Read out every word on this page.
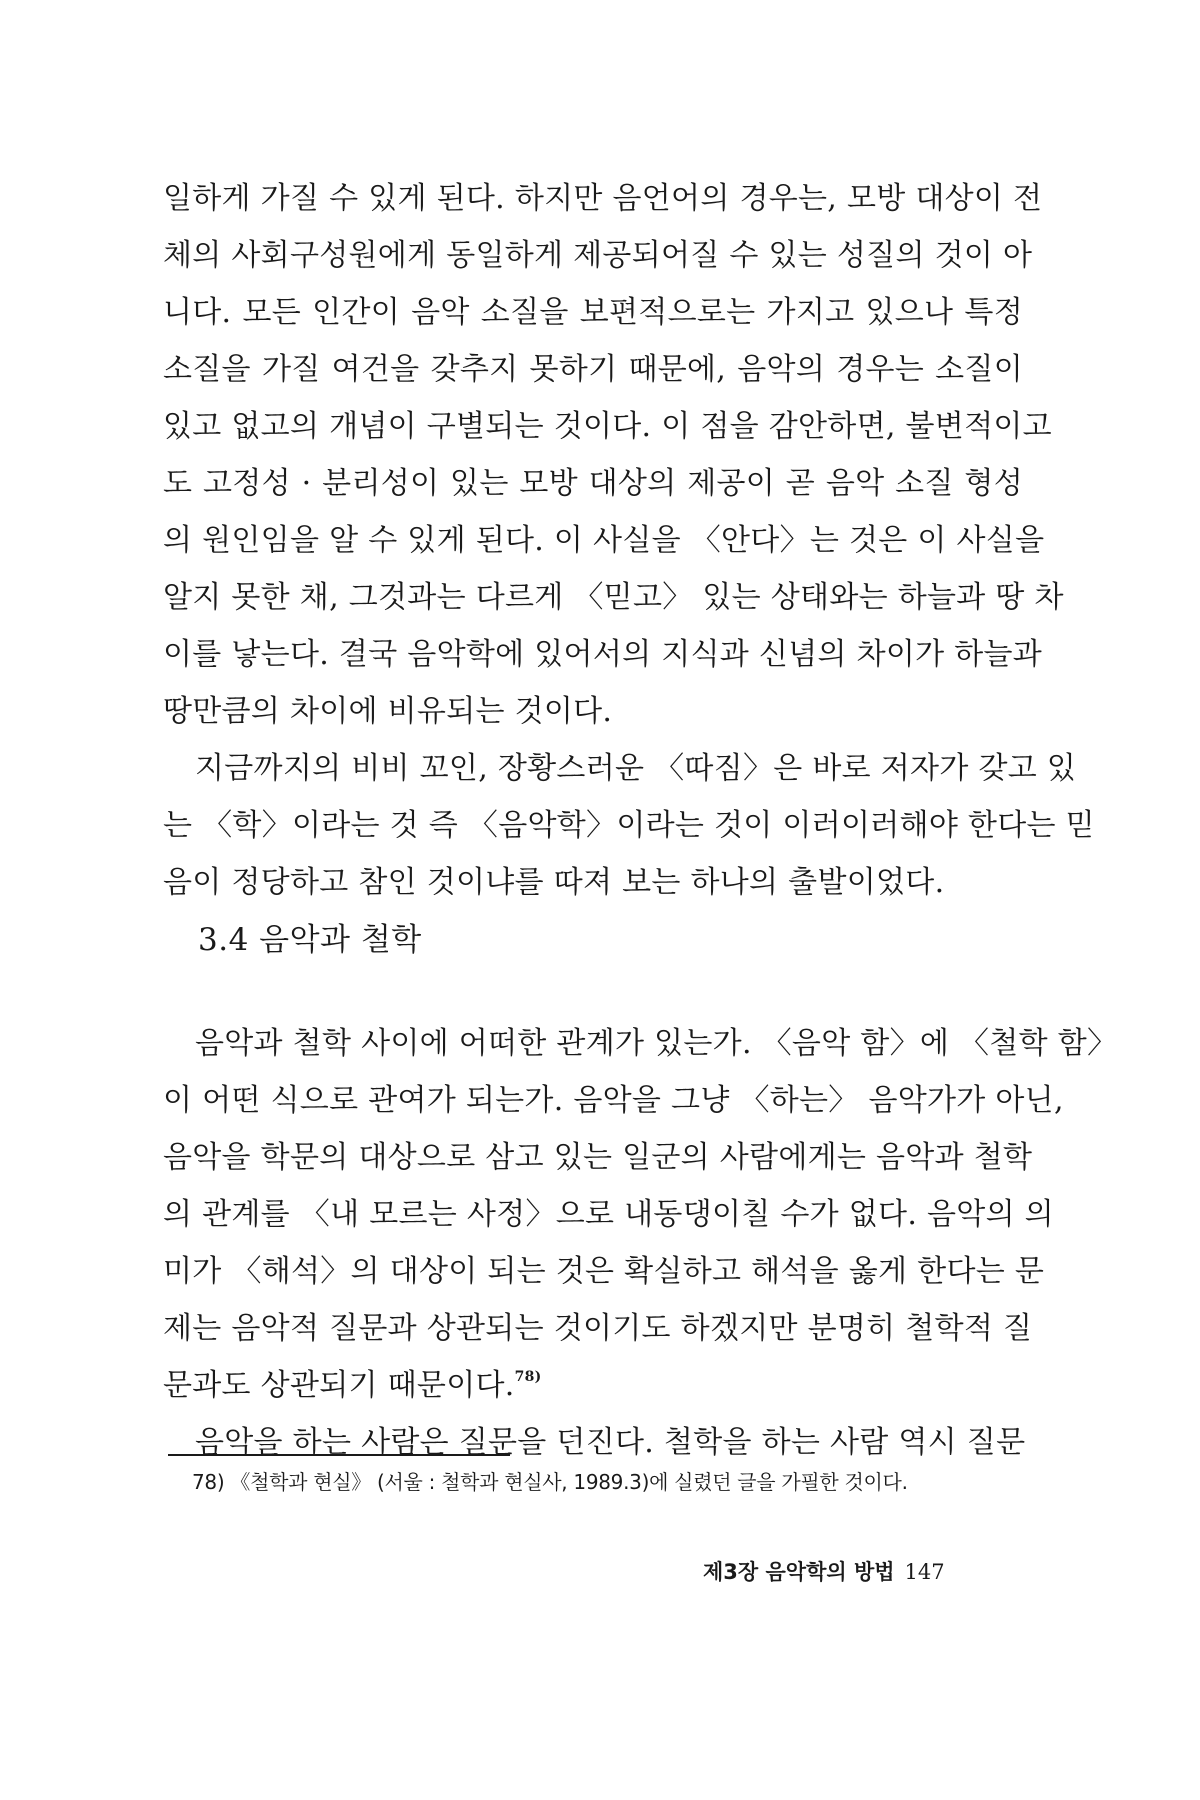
일하게 가질 수 있게 된다. 하지만 음언어의 경우는, 모방 대상이 전
체의 사회구성원에게 동일하게 제공되어질 수 있는 성질의 것이 아
니다. 모든 인간이 음악 소질을 보편적으로는 가지고 있으나 특정
소질을 가질 여건을 갖추지 못하기 때문에, 음악의 경우는 소질이
있고 없고의 개념이 구별되는 것이다. 이 점을 감안하면, 불변적이고
도 고정성 · 분리성이 있는 모방 대상의 제공이 곧 음악 소질 형성
의 원인임을 알 수 있게 된다. 이 사실을 〈안다〉는 것은 이 사실을
알지 못한 채, 그것과는 다르게 〈믿고〉 있는 상태와는 하늘과 땅 차
이를 낳는다. 결국 음악학에 있어서의 지식과 신념의 차이가 하늘과
땅만큼의 차이에 비유되는 것이다.
지금까지의 비비 꼬인, 장황스러운 〈따짐〉은 바로 저자가 갖고 있
는 〈학〉이라는 것 즉 〈음악학〉이라는 것이 이러이러해야 한다는 믿
음이 정당하고 참인 것이냐를 따져 보는 하나의 출발이었다.
3.4 음악과 철학
음악과 철학 사이에 어떠한 관계가 있는가. 〈음악 함〉에 〈철학 함〉
이 어떤 식으로 관여가 되는가. 음악을 그냥 〈하는〉 음악가가 아닌,
음악을 학문의 대상으로 삼고 있는 일군의 사람에게는 음악과 철학
의 관계를 〈내 모르는 사정〉으로 내동댕이칠 수가 없다. 음악의 의
미가 〈해석〉의 대상이 되는 것은 확실하고 해석을 옳게 한다는 문
제는 음악적 질문과 상관되는 것이기도 하겠지만 분명히 철학적 질
문과도 상관되기 때문이다.$^{78)}$
음악을 하는 사람은 질문을 던진다. 철학을 하는 사람 역시 질문
78) 《철학과 현실》 (서울 : 철학과 현실사, 1989.3)에 실렸던 글을 가필한 것이다.
제3장 음악학의 방법 147
